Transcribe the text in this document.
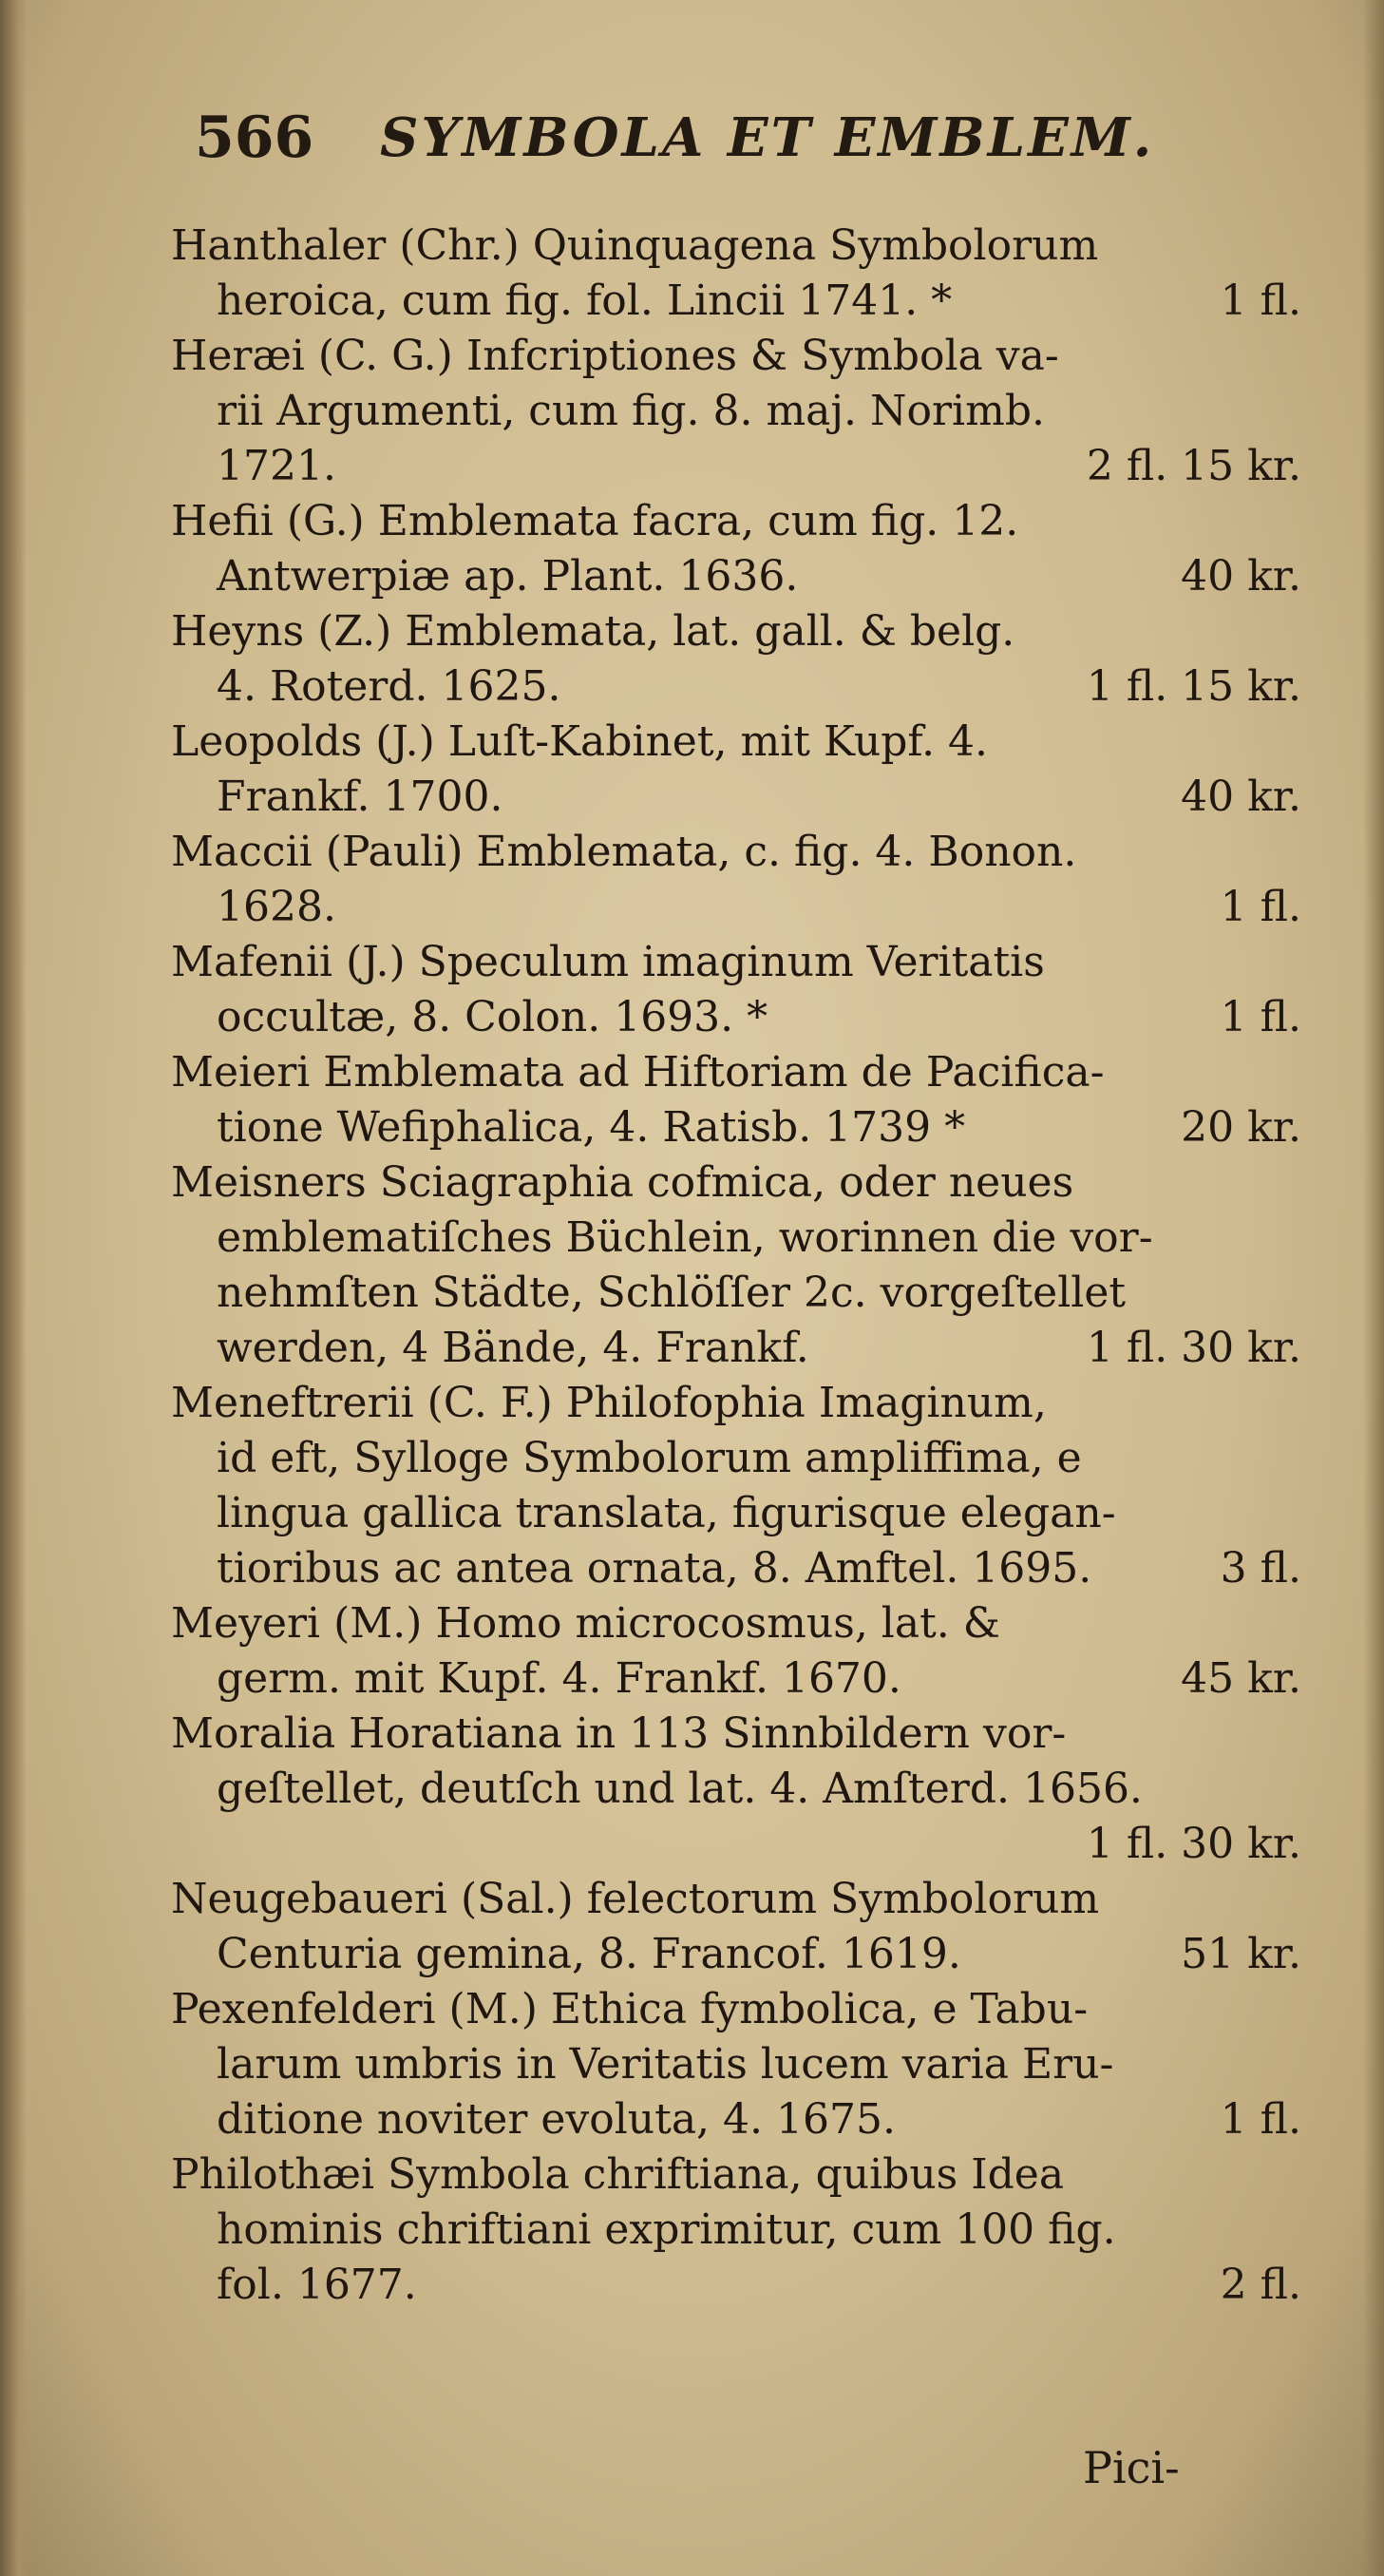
566 SYMBOLA ET EMBLEM.
Hanthaler (Chr.) Quinquagena Symbolorum
heroica, cum fig. fol. Lincii 1741. *	1 fl.
Heræi (C. G.) Infcriptiones & Symbola va-
rii Argumenti, cum fig. 8. maj. Norimb.
1721.	2 fl. 15 kr.
Hefii (G.) Emblemata facra, cum fig. 12.
Antwerpiæ ap. Plant. 1636.	40 kr.
Heyns (Z.) Emblemata, lat. gall. & belg.
4. Roterd. 1625.	1 fl. 15 kr.
Leopolds (J.) Luſt-Kabinet, mit Kupf. 4.
Frankf. 1700.	40 kr.
Maccii (Pauli) Emblemata, c. fig. 4. Bonon.
1628.	1 fl.
Mafenii (J.) Speculum imaginum Veritatis
occultæ, 8. Colon. 1693. *	1 fl.
Meieri Emblemata ad Hiftoriam de Pacifica-
tione Wefiphalica, 4. Ratisb. 1739 *	20 kr.
Meisners Sciagraphia cofmica, oder neues
emblematiſches Büchlein, worinnen die vor-
nehmſten Städte, Schlöſſer 2c. vorgeſtellet
werden, 4 Bände, 4. Frankf.	1 fl. 30 kr.
Meneftrerii (C. F.) Philofophia Imaginum,
id eft, Sylloge Symbolorum ampliffima, e
lingua gallica translata, figurisque elegan-
tioribus ac antea ornata, 8. Amftel. 1695.	3 fl.
Meyeri (M.) Homo microcosmus, lat. &
germ. mit Kupf. 4. Frankf. 1670.	45 kr.
Moralia Horatiana in 113 Sinnbildern vor-
geſtellet, deutſch und lat. 4. Amſterd. 1656.
1 fl. 30 kr.
Neugebaueri (Sal.) felectorum Symbolorum
Centuria gemina, 8. Francof. 1619.	51 kr.
Pexenfelderi (M.) Ethica fymbolica, e Tabu-
larum umbris in Veritatis lucem varia Eru-
ditione noviter evoluta, 4. 1675.	1 fl.
Philothæi Symbola chriftiana, quibus Idea
hominis chriftiani exprimitur, cum 100 fig.
fol. 1677.	2 fl.
Pici-
